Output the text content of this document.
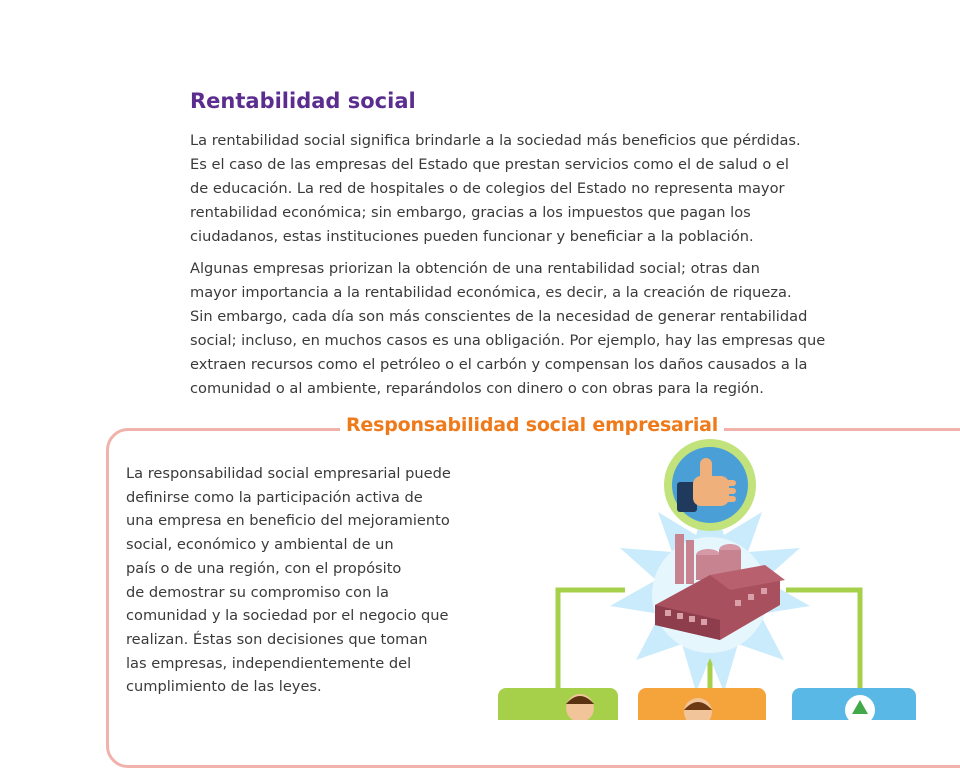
Rentabilidad social

La rentabilidad social significa brindarle a la sociedad más beneficios que pérdidas.
Es el caso de las empresas del Estado que prestan servicios como el de salud o el
de educación. La red de hospitales o de colegios del Estado no representa mayor
rentabilidad económica; sin embargo, gracias a los impuestos que pagan los
ciudadanos, estas instituciones pueden funcionar y beneficiar a la población.

Algunas empresas priorizan la obtención de una rentabilidad social; otras dan
mayor importancia a la rentabilidad económica, es decir, a la creación de riqueza.
Sin embargo, cada día son más conscientes de la necesidad de generar rentabilidad
social; incluso, en muchos casos es una obligación. Por ejemplo, hay las empresas que
extraen recursos como el petróleo o el carbón y compensan los daños causados a la
comunidad o al ambiente, reparándolos con dinero o con obras para la región.

Responsabilidad social empresarial

La responsabilidad social empresarial puede
definirse como la participación activa de
una empresa en beneficio del mejoramiento
social, económico y ambiental de un
país o de una región, con el propósito
de demostrar su compromiso con la
comunidad y la sociedad por el negocio que
realizan. Éstas son decisiones que toman
las empresas, independientemente del
cumplimiento de las leyes.
